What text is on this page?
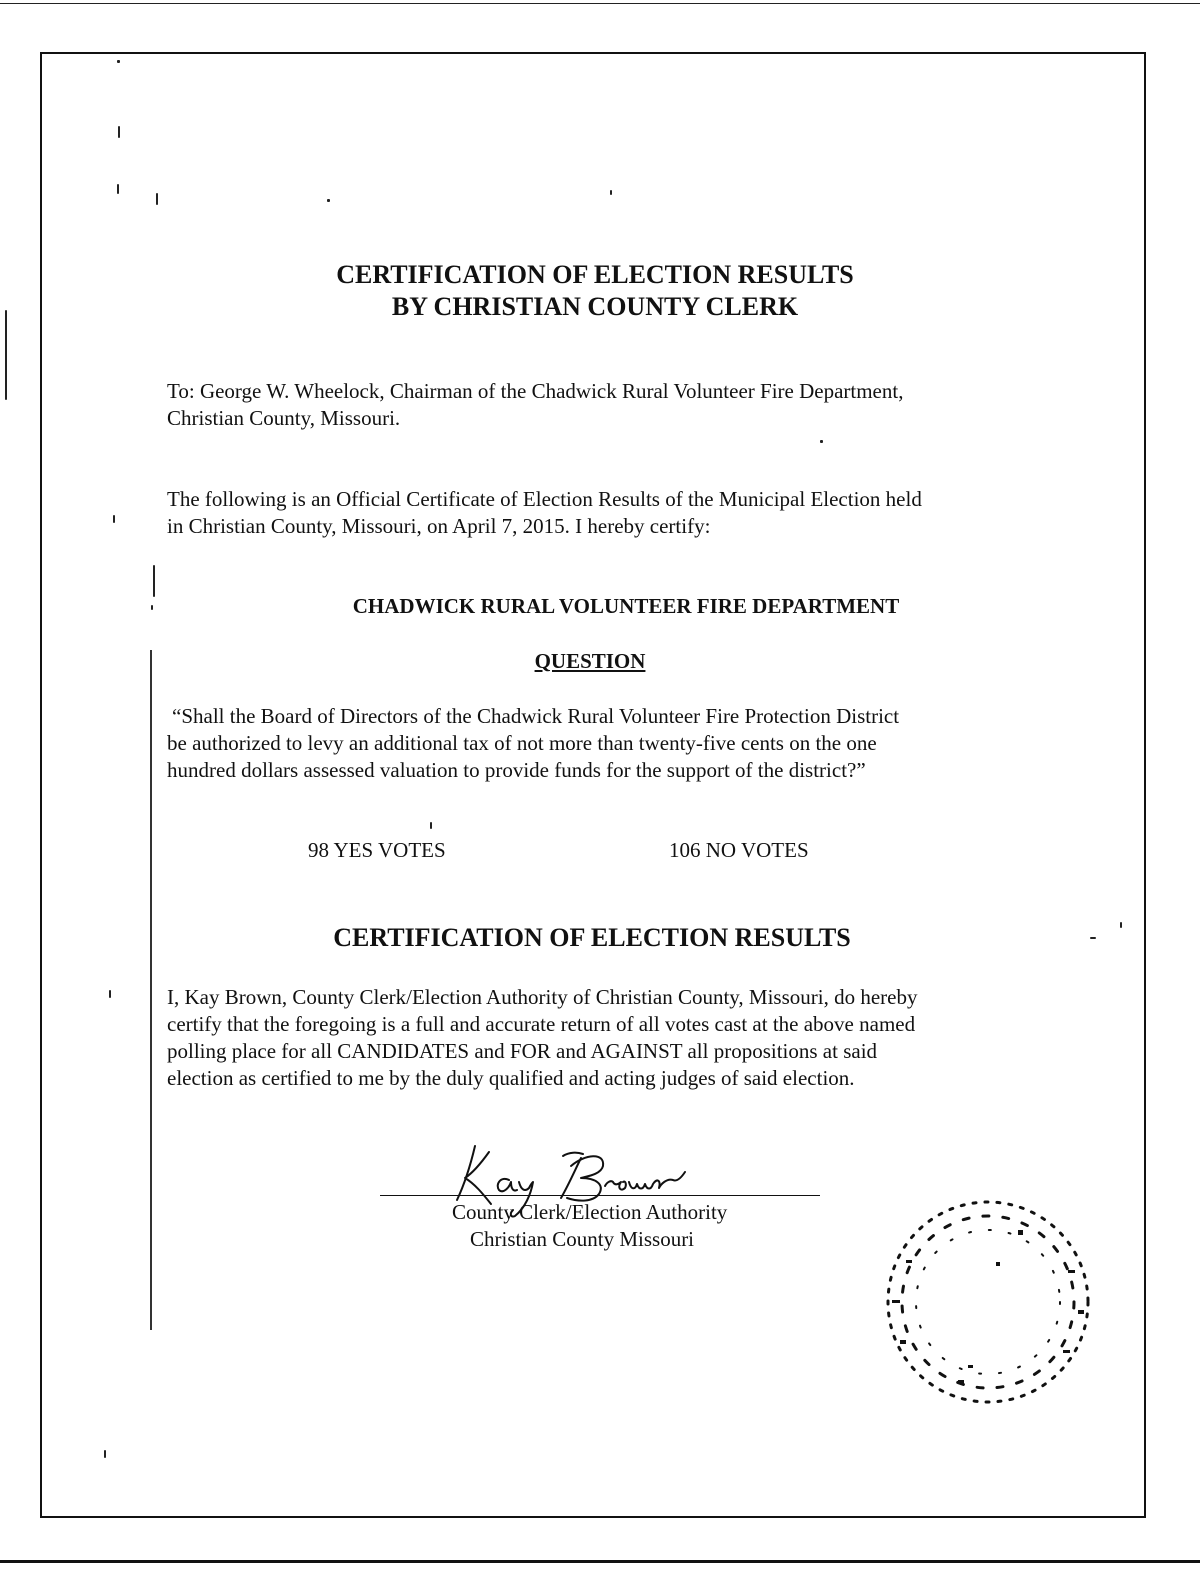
CERTIFICATION OF ELECTION RESULTS
BY CHRISTIAN COUNTY CLERK

To: George W. Wheelock, Chairman of the Chadwick Rural Volunteer Fire Department,

Christian County, Missouri.

The following is an Official Certificate of Election Results of the Municipal Election held

in Christian County, Missouri, on April 7, 2015. I hereby certify:

CHADWICK RURAL VOLUNTEER FIRE DEPARTMENT
QUESTION

“Shall the Board of Directors of the Chadwick Rural Volunteer Fire Protection District

be authorized to levy an additional tax of not more than twenty-five cents on the one

hundred dollars assessed valuation to provide funds for the support of the district?”

98 YES VOTES	106 NO VOTES
CERTIFICATION OF ELECTION RESULTS

I, Kay Brown, County Clerk/Election Authority of Christian County, Missouri, do hereby

certify that the foregoing is a full and accurate return of all votes cast at the above named

polling place for all CANDIDATES and FOR and AGAINST all propositions at said

election as certified to me by the duly qualified and acting judges of said election.

County Clerk/Election Authority
Christian County Missouri
